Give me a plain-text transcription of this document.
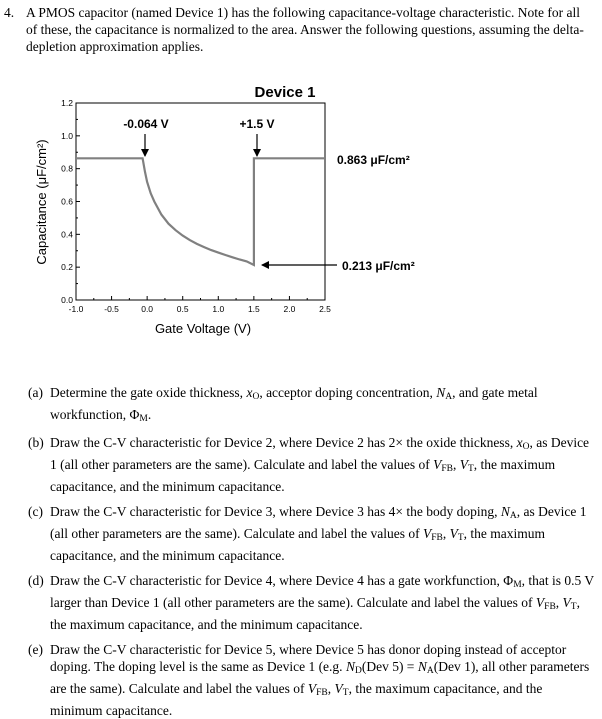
4. A PMOS capacitor (named Device 1) has the following capacitance-voltage characteristic. Note for all of these, the capacitance is normalized to the area. Answer the following questions, assuming the delta-depletion approximation applies.
-1.0 -0.5	0.0	0.5	1.0	1.5	2.0	2.5
0.0
0.2
0.4
0.6
0.8
1.0
1.2
Device 1
Gate Voltage (V)
Capacitance (μF/cm²)
-0.064 V	+1.5 V
0.863 μF/cm²
0.213 μF/cm²
(a) Determine the gate oxide thickness, $x_O$, acceptor doping concentration, $N_A$, and gate metal workfunction, $\Phi_M$.
(b) Draw the C-V characteristic for Device 2, where Device 2 has 2× the oxide thickness, $x_O$, as Device 1 (all other parameters are the same). Calculate and label the values of $V_{FB}$, $V_T$, the maximum capacitance, and the minimum capacitance.
(c) Draw the C-V characteristic for Device 3, where Device 3 has 4× the body doping, $N_A$, as Device 1 (all other parameters are the same). Calculate and label the values of $V_{FB}$, $V_T$, the maximum capacitance, and the minimum capacitance.
(d) Draw the C-V characteristic for Device 4, where Device 4 has a gate workfunction, $\Phi_M$, that is 0.5 V larger than Device 1 (all other parameters are the same). Calculate and label the values of $V_{FB}$, $V_T$, the maximum capacitance, and the minimum capacitance.
(e) Draw the C-V characteristic for Device 5, where Device 5 has donor doping instead of acceptor doping. The doping level is the same as Device 1 (e.g. $N_D(Dev$ $5) = N_A(Dev$ 1), all other parameters are the same). Calculate and label the values of $V_{FB}$, $V_T$, the maximum capacitance, and the minimum capacitance.
